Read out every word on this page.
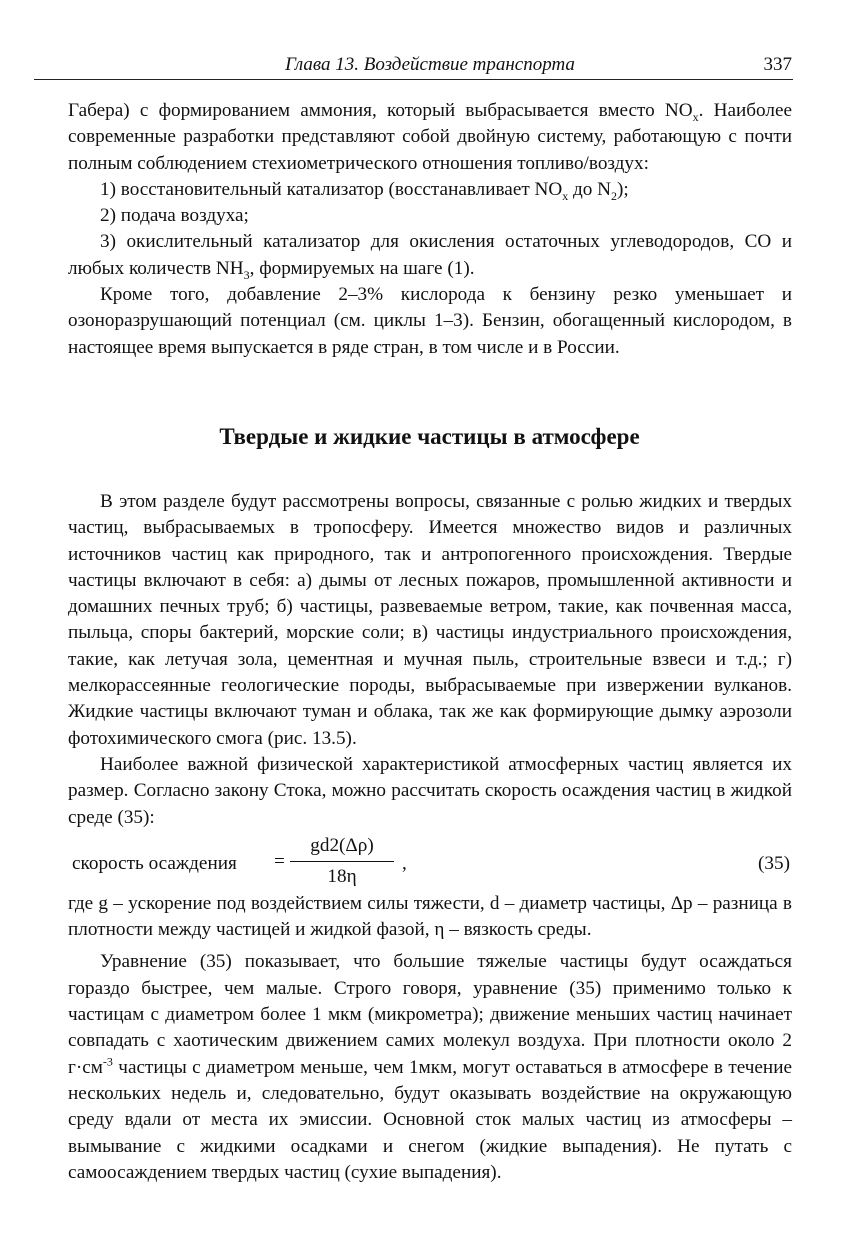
Глава 13. Воздействие транспорта	337

Габера) с формированием аммония, который выбрасывается вместо $NO_x$. Наиболее современные разработки представляют собой двойную систему, работающую с почти полным соблюдением стехиометрического отношения топливо/воздух:

1) восстановительный катализатор (восстанавливает $NO_x$ до $N_2$);

2) подача воздуха;

3) окислительный катализатор для окисления остаточных углеводородов, СО и любых количеств $NH_3$, формируемых на шаге (1).

Кроме того, добавление 2–3% кислорода к бензину резко уменьшает и озоноразрушающий потенциал (см. циклы 1–3). Бензин, обогащенный кислородом, в настоящее время выпускается в ряде стран, в том числе и в России.

Твердые и жидкие частицы в атмосфере

В этом разделе будут рассмотрены вопросы, связанные с ролью жидких и твердых частиц, выбрасываемых в тропосферу. Имеется множество видов и различных источников частиц как природного, так и антропогенного происхождения. Твердые частицы включают в себя: а) дымы от лесных пожаров, промышленной активности и домашних печных труб; б) частицы, развеваемые ветром, такие, как почвенная масса, пыльца, споры бактерий, морские соли; в) частицы индустриального происхождения, такие, как летучая зола, цементная и мучная пыль, строительные взвеси и т.д.; г) мелкорассеянные геологические породы, выбрасываемые при извержении вулканов. Жидкие частицы включают туман и облака, так же как формирующие дымку аэрозоли фотохимического смога (рис. 13.5).

Наиболее важной физической характеристикой атмосферных частиц является их размер. Согласно закону Стока, можно рассчитать скорость осаждения частиц в жидкой среде (35):

скорость осаждения =
gd2(Δρ)
18η
,	(35)

где g – ускорение под воздействием силы тяжести, d – диаметр частицы, Δр – разница в плотности между частицей и жидкой фазой, η – вязкость среды.

Уравнение (35) показывает, что большие тяжелые частицы будут осаждаться гораздо быстрее, чем малые. Строго говоря, уравнение (35) применимо только к частицам с диаметром более 1 мкм (микрометра); движение меньших частиц начинает совпадать с хаотическим движением самих молекул воздуха. При плотности около 2 $г\cdot см^{-3}$ частицы с диаметром меньше, чем 1мкм, могут оставаться в атмосфере в течение нескольких недель и, следовательно, будут оказывать воздействие на окружающую среду вдали от места их эмиссии. Основной сток малых частиц из атмосферы – вымывание с жидкими осадками и снегом (жидкие выпадения). Не путать с самоосаждением твердых частиц (сухие выпадения).
